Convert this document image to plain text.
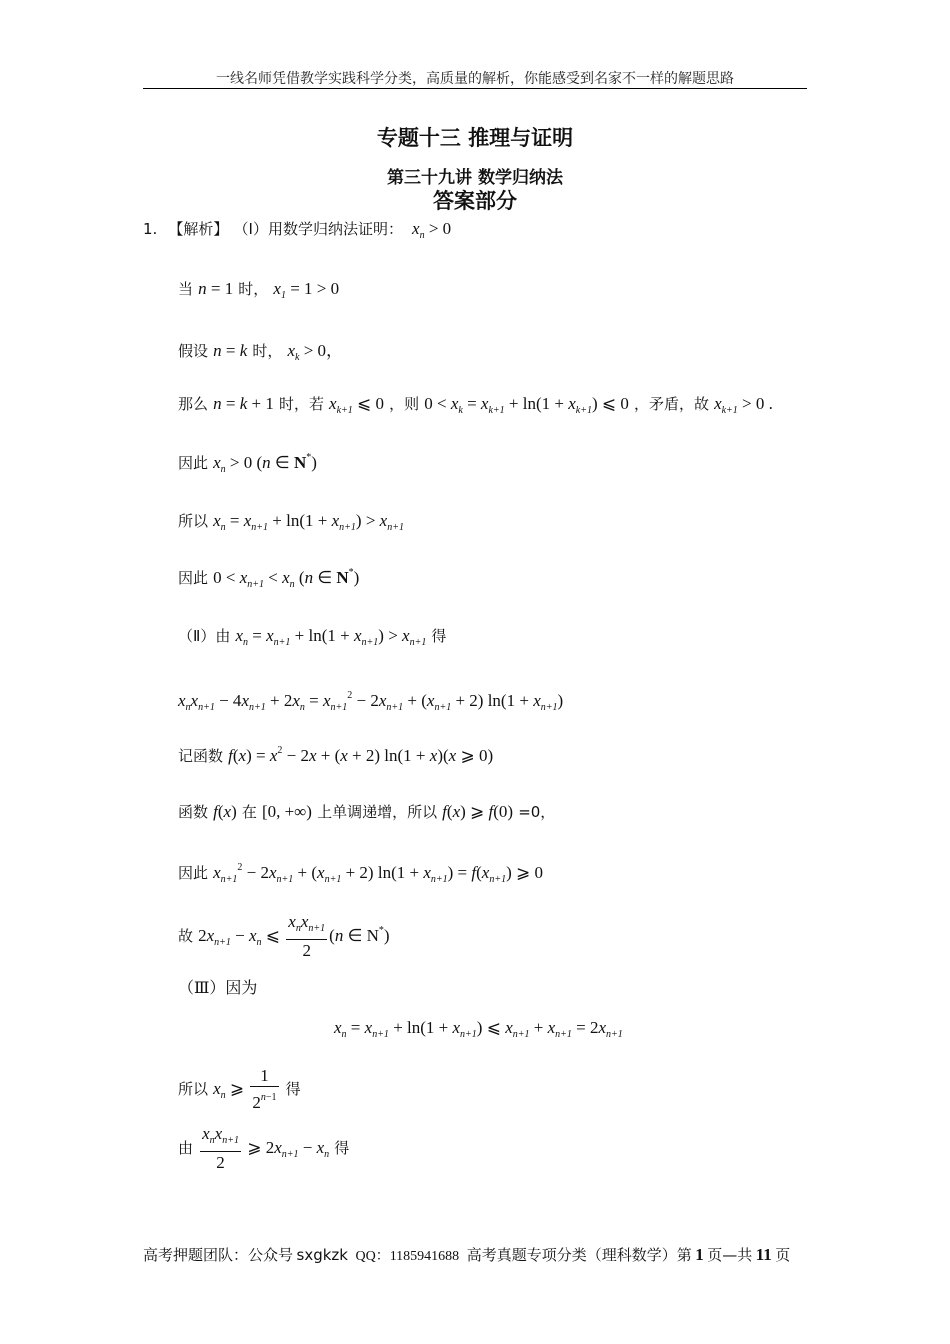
一线名师凭借教学实践科学分类，高质量的解析，你能感受到名家不一样的解题思路
专题十三 推理与证明
第三十九讲 数学归纳法
答案部分
1. 【解析】 （Ⅰ）用数学归纳法证明： $x_n > 0$
当 n = 1 时， $x_1 = 1 > 0$
假设 n = k 时， $x_k > 0$，
那么 n = k + 1 时，若 $x_{k+1}$ ⩽ 0 ，则 $0 < x_k = x_{k+1} + \ln(1 + x_{k+1})$ ⩽ 0 ，矛盾，故 $x_{k+1} > 0$ .
因此 $x_n > 0$ (n ∈ N*)
所以 $x_n = x_{n+1} + \ln(1 + x_{n+1}) > x_{n+1}$
因此 $0 < x_{n+1} < x_n$ (n ∈ N*)
（Ⅱ）由 $x_n = x_{n+1} + \ln(1 + x_{n+1}) > x_{n+1}$ 得
$x_nx_{n+1} - 4x_{n+1} + 2x_n = x_{n+1}^2 - 2x_{n+1} + (x_{n+1} + 2) \ln(1 + x_{n+1})$
记函数 $f(x) = x^2 - 2x + (x + 2) \ln(1 + x)(x$ ⩾ 0)
函数 f(x) 在 [0, +∞) 上单调递增，所以 f(x) ⩾ f(0) =0，
因此 $x_{n+1}^2 - 2x_{n+1} + (x_{n+1} + 2) \ln(1 + x_{n+1}) = f(x_{n+1})$ ⩾ 0
故 $2x_{n+1} - x_n$ ⩽ $\frac{x_nx_{n+1}}{2} (n$ ∈ N*)
（Ⅲ）因为
$x_n = x_{n+1} + \ln(1 + x_{n+1})$ ⩽ $x_{n+1} + x_{n+1} = 2x_{n+1}$
所以 $x_n$ ⩾ $\frac{1}{2^{n-1}}$ 得
由 $\frac{x_nx_{n+1}}{2}$ ⩾ $2x_{n+1} - x_n$ 得
高考押题团队：公众号 sxgkzk QQ：1185941688 高考真题专项分类（理科数学）第 1 页—共 11 页
